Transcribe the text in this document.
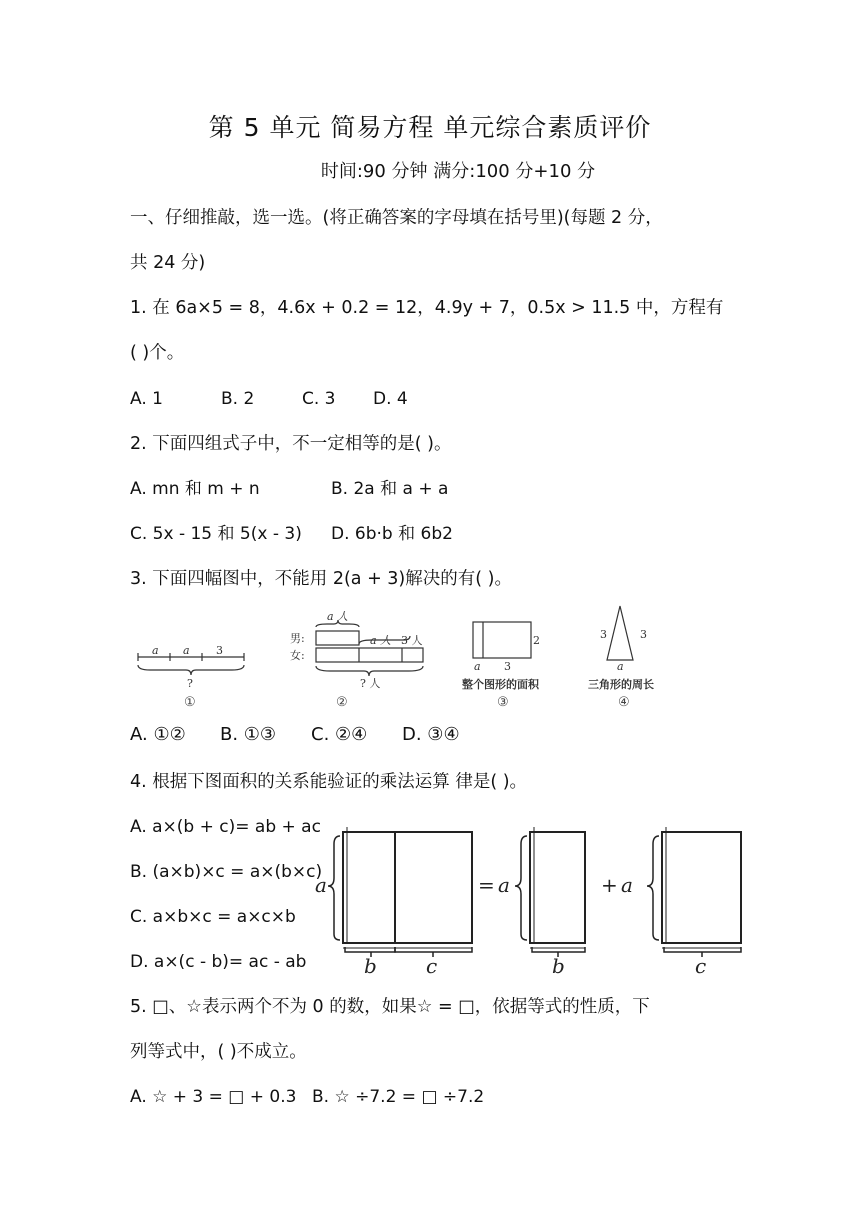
第 5 单元 简易方程 单元综合素质评价
时间:90 分钟 满分:100 分+10 分
一、仔细推敲，选一选。(将正确答案的字母填在括号里)(每题 2 分，
共 24 分)
1. 在 6a×5 = 8，4.6x + 0.2 = 12，4.9y + 7，0.5x > 11.5 中，方程有
( )个。
A. 1	B. 2	C. 3 D. 4
2. 下面四组式子中，不一定相等的是( )。
A. mn 和 m + n	B. 2a 和 a + a
C. 5x - 15 和 5(x - 3) D. 6b·b 和 6b2
3. 下面四幅图中，不能用 2(a + 3)解决的有( )。
a a 3
?
①
男:
女:
a 人
a 人 3 人
? 人
②
2
a 3
③
3	3
a
④
整个图形的面积	三角形的周长
A. ①② B. ①③ C. ②④ D. ③④
4. 根据下图面积的关系能验证的乘法运算 律是( )。
A. a×(b + c)= ab + ac
B. (a×b)×c = a×(b×c)
C. a×b×c = a×c×b
D. a×(c - b)= ac - ab
a
b c
= a
b
+ a
c
5. □、☆表示两个不为 0 的数，如果☆ = □，依据等式的性质，下
列等式中，( )不成立。
A. ☆ + 3 = □ + 0.3 B. ☆ ÷7.2 = □ ÷7.2
